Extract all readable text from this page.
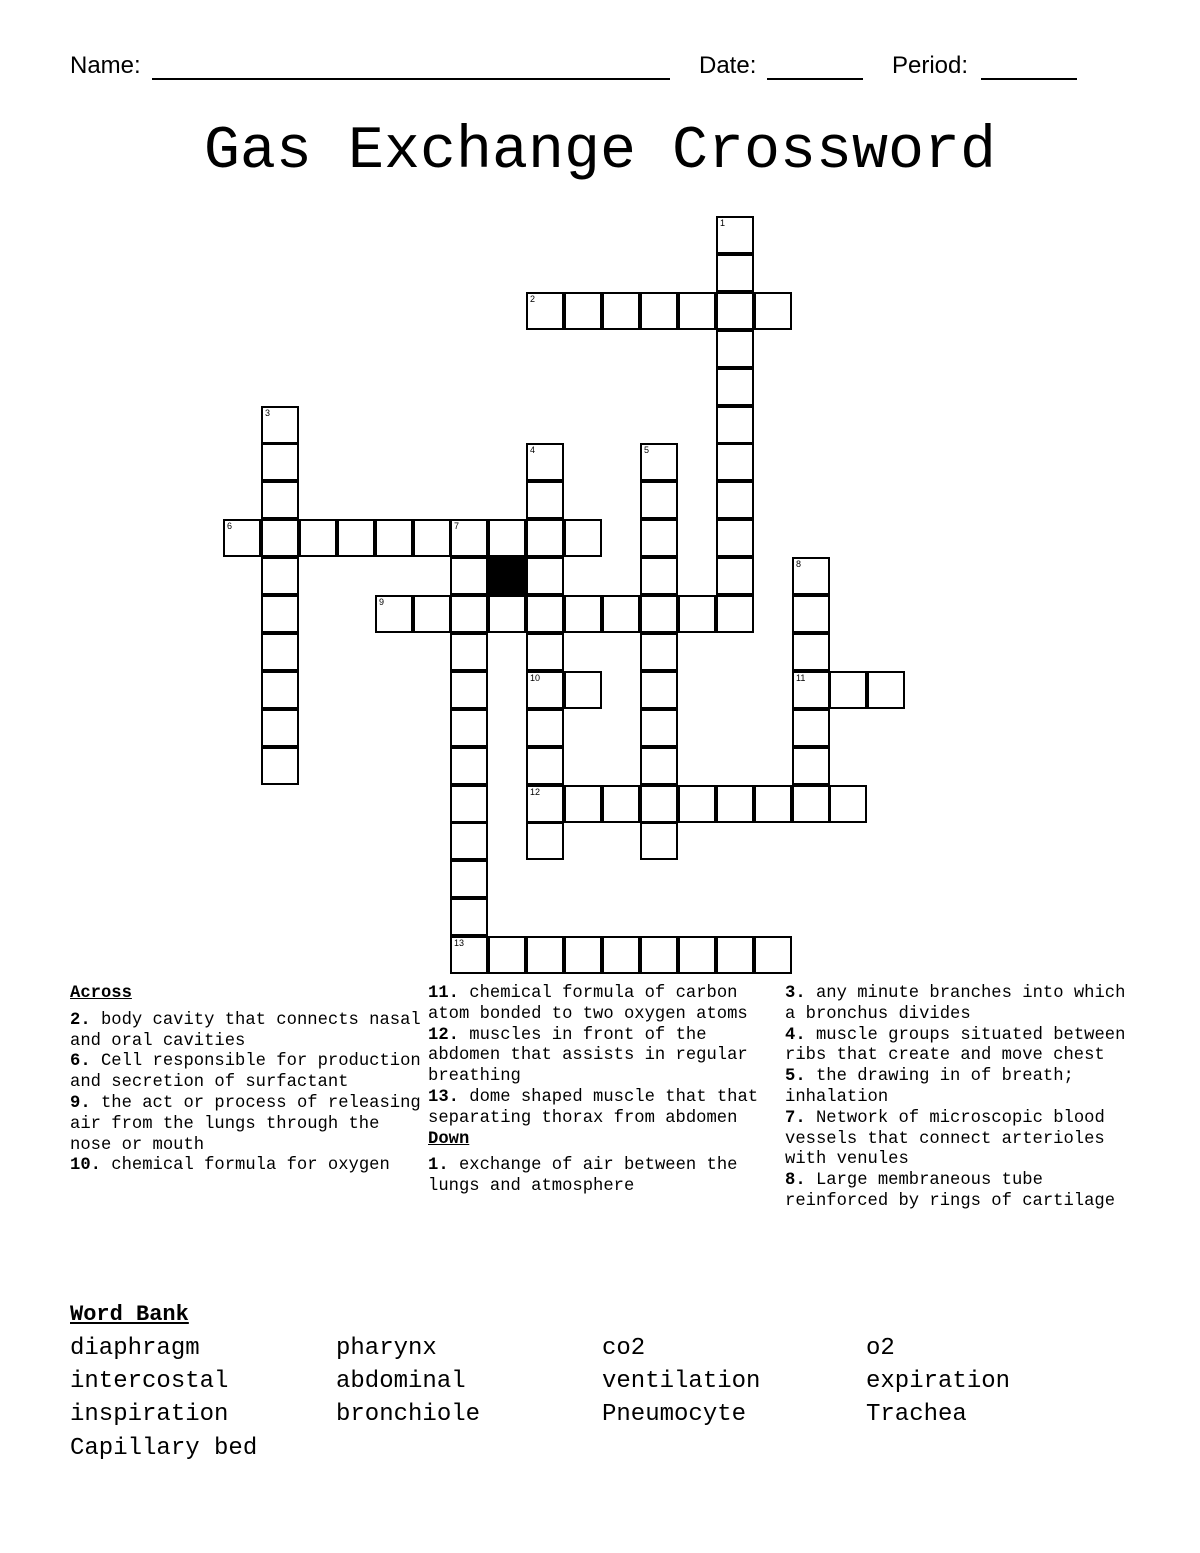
Name:	Date:	Period:
Gas Exchange Crossword
1
2
3
4
10
12
5
6	7
8
11
9
13
Across
2. body cavity that connects nasal and oral cavities
6. Cell responsible for production and secretion of surfactant
9. the act or process of releasing air from the lungs through the nose or mouth
10. chemical formula for oxygen
11. chemical formula of carbon atom bonded to two oxygen atoms
12. muscles in front of the abdomen that assists in regular breathing
13. dome shaped muscle that that separating thorax from abdomen
Down
1. exchange of air between the lungs and atmosphere
3. any minute branches into which a bronchus divides
4. muscle groups situated between ribs that create and move chest
5. the drawing in of breath; inhalation
7. Network of microscopic blood vessels that connect arterioles with venules
8. Large membraneous tube reinforced by rings of cartilage
Word Bank
diaphragm	pharynx	co2	o2
intercostal	abdominal	ventilation	expiration
inspiration	bronchiole	Pneumocyte	Trachea
Capillary bed
